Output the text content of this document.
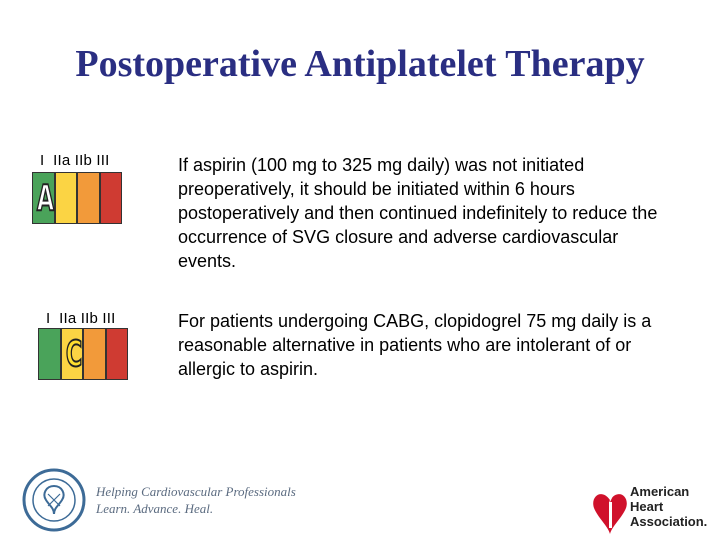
Postoperative Antiplatelet Therapy
I  IIa IIb III
A
If aspirin (100 mg to 325 mg daily) was not initiated preoperatively, it should be initiated within 6 hours postoperatively and then continued indefinitely to reduce the occurrence of SVG closure and adverse cardiovascular events.
I  IIa IIb III
C
For patients undergoing CABG, clopidogrel 75 mg daily is a reasonable alternative in patients who are intolerant of or allergic to aspirin.
Helping Cardiovascular Professionals
Learn. Advance. Heal.
American
Heart
Association.
